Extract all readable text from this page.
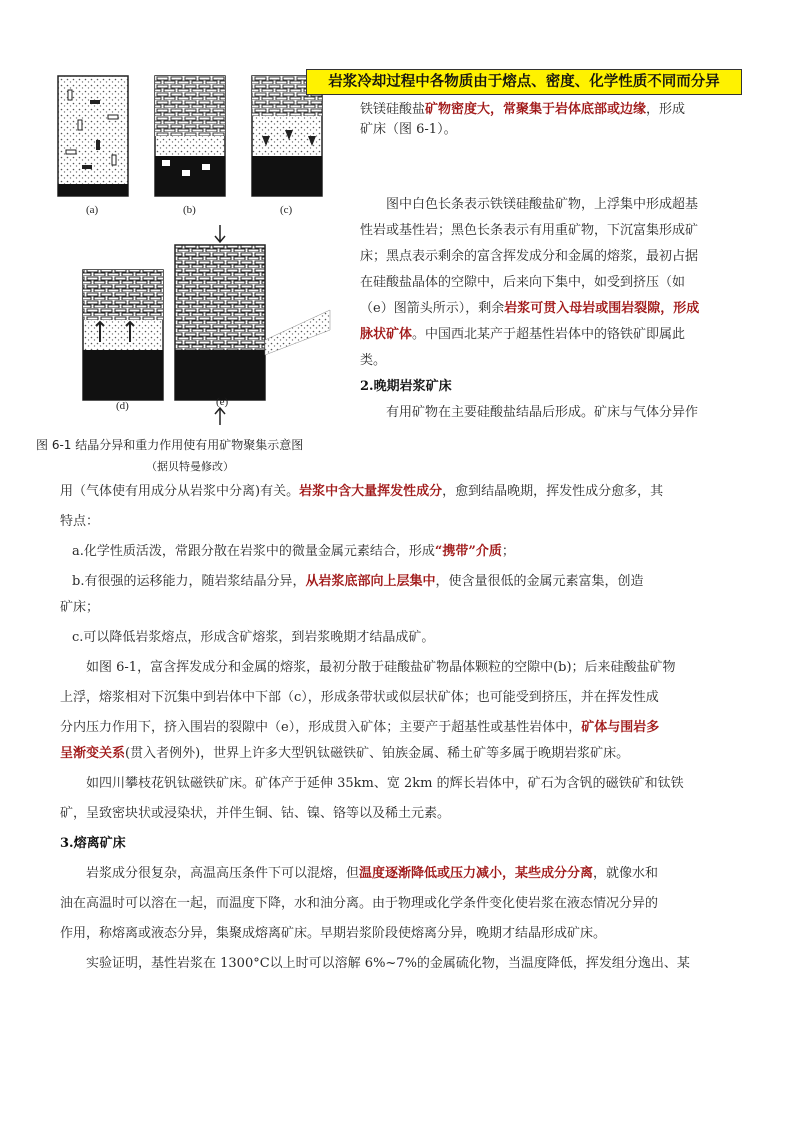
(a)	(b)	(c)
(d)	(e)
图 6-1 结晶分异和重力作用使有用矿物聚集示意图
（据贝特曼修改）
岩浆冷却过程中各物质由于熔点、密度、化学性质不同而分异
铁镁硅酸盐矿物密度大，常聚集于岩体底部或边缘，形成
矿床（图 6-1）。
图中白色长条表示铁镁硅酸盐矿物，上浮集中形成超基
性岩或基性岩；黑色长条表示有用重矿物，下沉富集形成矿
床；黑点表示剩余的富含挥发成分和金属的熔浆，最初占据
在硅酸盐晶体的空隙中，后来向下集中，如受到挤压（如
（e）图箭头所示），剩余岩浆可贯入母岩或围岩裂隙，形成
脉状矿体。中国西北某产于超基性岩体中的铬铁矿即属此
类。
2.晚期岩浆矿床
有用矿物在主要硅酸盐结晶后形成。矿床与气体分异作
用（气体使有用成分从岩浆中分离)有关。岩浆中含大量挥发性成分，愈到结晶晚期，挥发性成分愈多，其
特点：
a.化学性质活泼，常跟分散在岩浆中的微量金属元素结合，形成“携带”介质；
b.有很强的运移能力，随岩浆结晶分异，从岩浆底部向上层集中，使含量很低的金属元素富集，创造
矿床；
c.可以降低岩浆熔点，形成含矿熔浆，到岩浆晚期才结晶成矿。
如图 6-1，富含挥发成分和金属的熔浆，最初分散于硅酸盐矿物晶体颗粒的空隙中(b)；后来硅酸盐矿物
上浮，熔浆相对下沉集中到岩体中下部（c），形成条带状或似层状矿体；也可能受到挤压，并在挥发性成
分内压力作用下，挤入围岩的裂隙中（e），形成贯入矿体；主要产于超基性或基性岩体中，矿体与围岩多
呈渐变关系(贯入者例外)，世界上许多大型钒钛磁铁矿、铂族金属、稀土矿等多属于晚期岩浆矿床。
如四川攀枝花钒钛磁铁矿床。矿体产于延伸 35km、宽 2km 的辉长岩体中，矿石为含钒的磁铁矿和钛铁
矿，呈致密块状或浸染状，并伴生铜、钴、镍、铬等以及稀土元素。
3.熔离矿床
岩浆成分很复杂，高温高压条件下可以混熔，但温度逐渐降低或压力减小，某些成分分离，就像水和
油在高温时可以溶在一起，而温度下降，水和油分离。由于物理或化学条件变化使岩浆在液态情况分异的
作用，称熔离或液态分异，集聚成熔离矿床。早期岩浆阶段使熔离分异，晚期才结晶形成矿床。
实验证明，基性岩浆在 1300°C以上时可以溶解 6%~7%的金属硫化物，当温度降低，挥发组分逸出、某
